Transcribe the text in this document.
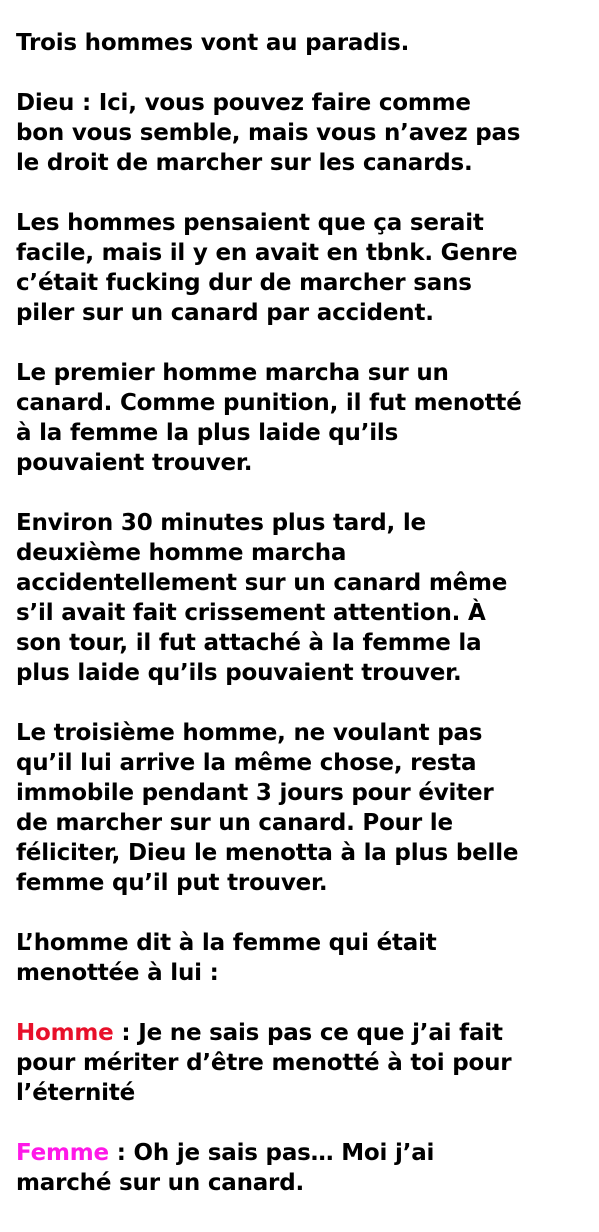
Trois hommes vont au paradis.
Dieu : Ici, vous pouvez faire comme
bon vous semble, mais vous n’avez pas
le droit de marcher sur les canards.
Les hommes pensaient que ça serait
facile, mais il y en avait en tbnk. Genre
c’était fucking dur de marcher sans
piler sur un canard par accident.
Le premier homme marcha sur un
canard. Comme punition, il fut menotté
à la femme la plus laide qu’ils
pouvaient trouver.
Environ 30 minutes plus tard, le
deuxième homme marcha
accidentellement sur un canard même
s’il avait fait crissement attention. À
son tour, il fut attaché à la femme la
plus laide qu’ils pouvaient trouver.
Le troisième homme, ne voulant pas
qu’il lui arrive la même chose, resta
immobile pendant 3 jours pour éviter
de marcher sur un canard. Pour le
féliciter, Dieu le menotta à la plus belle
femme qu’il put trouver.
L’homme dit à la femme qui était
menottée à lui :
Homme : Je ne sais pas ce que j’ai fait
pour mériter d’être menotté à toi pour
l’éternité
Femme : Oh je sais pas… Moi j’ai
marché sur un canard.
